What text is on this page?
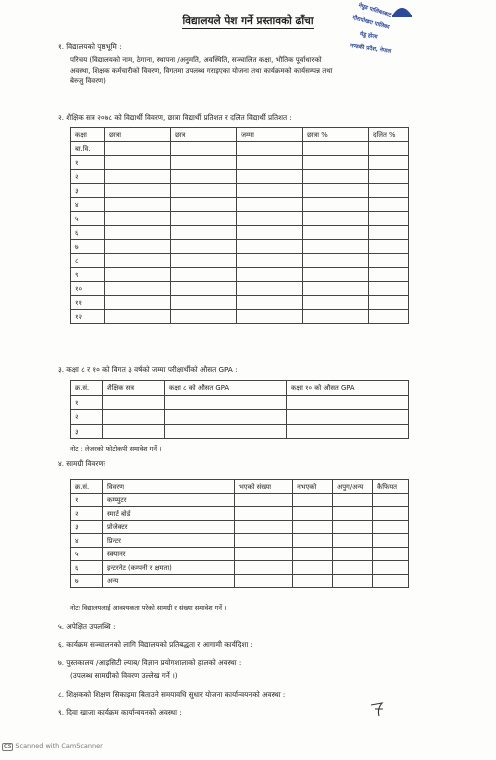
विद्यालयले पेश गर्ने प्रस्तावको ढाँचा
मेघुड पालिकाबाट
गौरापोखरा पालिका
मेडु होला
गण्डकी प्रदेश, नेपाल
१. विद्यालयको पृष्ठभूमि :
परिचय (विद्यालयको नाम, ठेगाना, स्थापना /अनुमति, अवस्थिति, सञ्चालित कक्षा, भौतिक पूर्वाधारको
अवस्था, शिक्षक कर्मचारीको विवरण, विगतमा उपलब्ध गराइएका योजना तथा कार्यक्रमको कार्यसम्पन्न तथा
बेरुजु विवरण)
२. शैक्षिक सत्र २०७८ को विद्यार्थी विवरण, छात्रा विद्यार्थी प्रतिशत र दलित विद्यार्थी प्रतिशत :
कक्षा	छात्रा	छात्र	जम्मा	छात्रा %	दलित %
बा.वि.					
१					
२					
३					
४					
५					
६					
७					
८					
९					
१०					
११					
१२					
३. कक्षा ८ र १० को विगत ३ वर्षको जम्मा परीक्षार्थीको औसत GPA :
क्र.सं.	शैक्षिक सत्र	कक्षा ८ को औसत GPA	कक्षा १० को औसत GPA
१			
२			
३			
नोट : लेजरको फोटोकपी समावेश गर्ने ।
४. सामग्री विवरणः
क्र.सं.	विवरण	भएको संख्या	नभएको	अपुग/अन्य	कैफियत
१	कम्प्युटर				
२	स्मार्ट बोर्ड				
३	प्रोजेक्टर				
४	प्रिन्टर				
५	स्क्यानर				
६	इन्टरनेट (कम्पनी र क्षमता)				
७	अन्य				
नोटः विद्यालयलाई आवश्यकता परेको सामग्री र संख्या समावेश गर्ने ।
५. अपेक्षित उपलब्धि :
६. कार्यक्रम सञ्चालनको लागि विद्यालयको प्रतिबद्धता र आगामी कार्यदिशा :
७. पुस्तकालय /आइसिटी ल्याब/ विज्ञान प्रयोगशालाको हालको अवस्था :
(उपलब्ध सामग्रीको विवरण उल्लेख गर्ने ।)
८. शिक्षकको शिक्षण सिकाइमा बिताउने समयावधि सुधार योजना कार्यान्वयनको अवस्था :
९. दिवा खाजा कार्यक्रम कार्यान्वयनको अवस्था :
CS Scanned with CamScanner
